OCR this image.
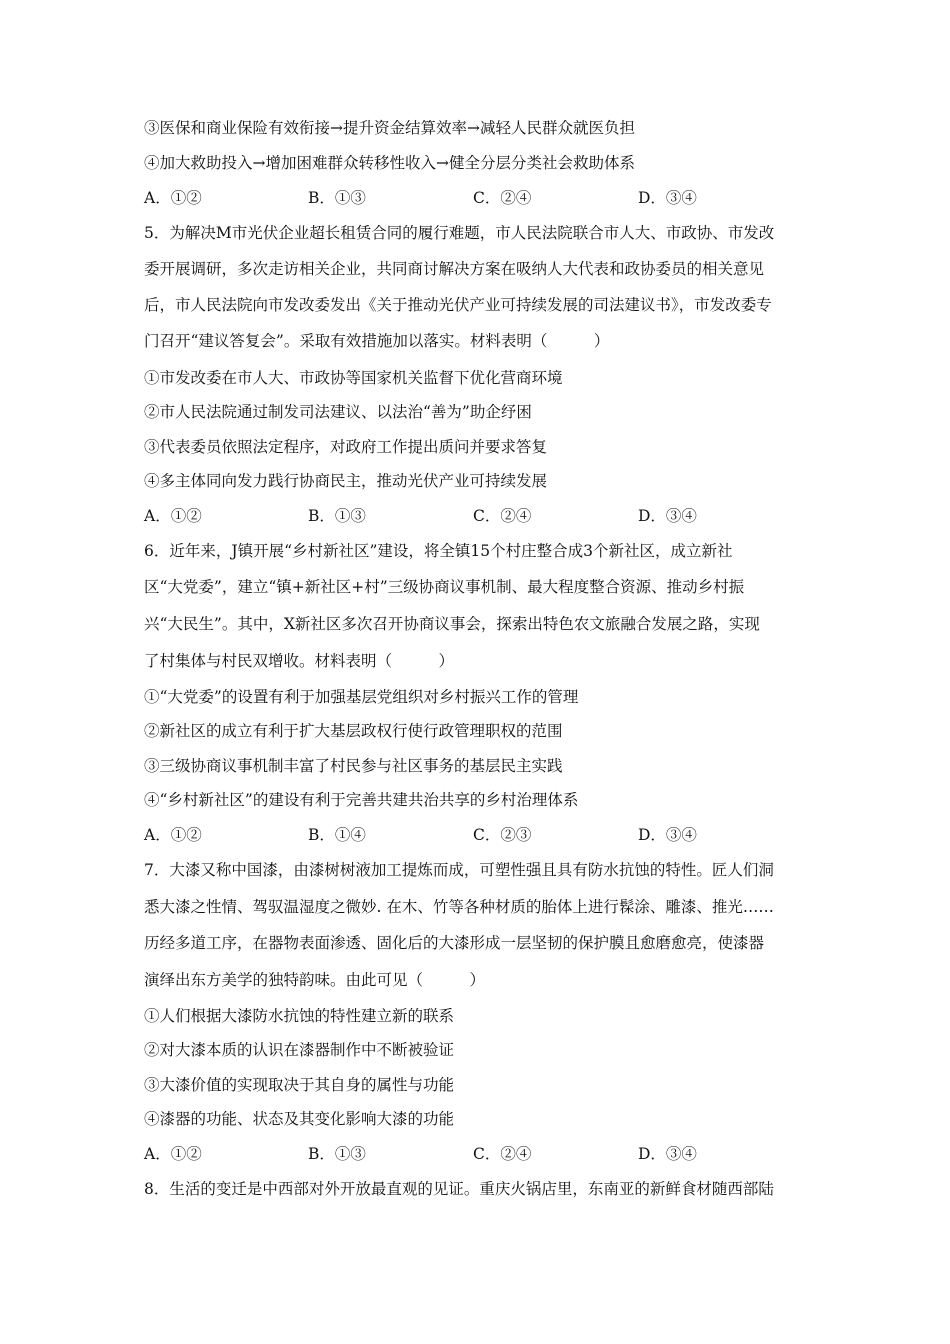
③医保和商业保险有效衔接→提升资金结算效率→减轻人民群众就医负担
④加大救助投入→增加困难群众转移性收入→健全分层分类社会救助体系
A．①②	B．①③	C．②④	D．③④
5．为解决M市光伏企业超长租赁合同的履行难题，市人民法院联合市人大、市政协、市发改
委开展调研，多次走访相关企业，共同商讨解决方案在吸纳人大代表和政协委员的相关意见
后，市人民法院向市发改委发出《关于推动光伏产业可持续发展的司法建议书》，市发改委专
门召开“建议答复会”。采取有效措施加以落实。材料表明（　　　）
①市发改委在市人大、市政协等国家机关监督下优化营商环境
②市人民法院通过制发司法建议、以法治“善为”助企纾困
③代表委员依照法定程序，对政府工作提出质问并要求答复
④多主体同向发力践行协商民主，推动光伏产业可持续发展
A．①②	B．①③	C．②④	D．③④
6．近年来，J镇开展“乡村新社区”建设，将全镇15个村庄整合成3个新社区，成立新社
区“大党委”，建立“镇+新社区+村”三级协商议事机制、最大程度整合资源、推动乡村振
兴“大民生”。其中，X新社区多次召开协商议事会，探索出特色农文旅融合发展之路，实现
了村集体与村民双增收。材料表明（　　　）
①“大党委”的设置有利于加强基层党组织对乡村振兴工作的管理
②新社区的成立有利于扩大基层政权行使行政管理职权的范围
③三级协商议事机制丰富了村民参与社区事务的基层民主实践
④“乡村新社区”的建设有利于完善共建共治共享的乡村治理体系
A．①②	B．①④	C．②③	D．③④
7．大漆又称中国漆，由漆树树液加工提炼而成，可塑性强且具有防水抗蚀的特性。匠人们洞
悉大漆之性情、驾驭温湿度之微妙. 在木、竹等各种材质的胎体上进行髹涂、雕漆、推光……
历经多道工序，在器物表面渗透、固化后的大漆形成一层坚韧的保护膜且愈磨愈亮，使漆器
演绎出东方美学的独特韵味。由此可见（　　　）
①人们根据大漆防水抗蚀的特性建立新的联系
②对大漆本质的认识在漆器制作中不断被验证
③大漆价值的实现取决于其自身的属性与功能
④漆器的功能、状态及其变化影响大漆的功能
A．①②	B．①③	C．②④	D．③④
8．生活的变迁是中西部对外开放最直观的见证。重庆火锅店里，东南亚的新鲜食材随西部陆
